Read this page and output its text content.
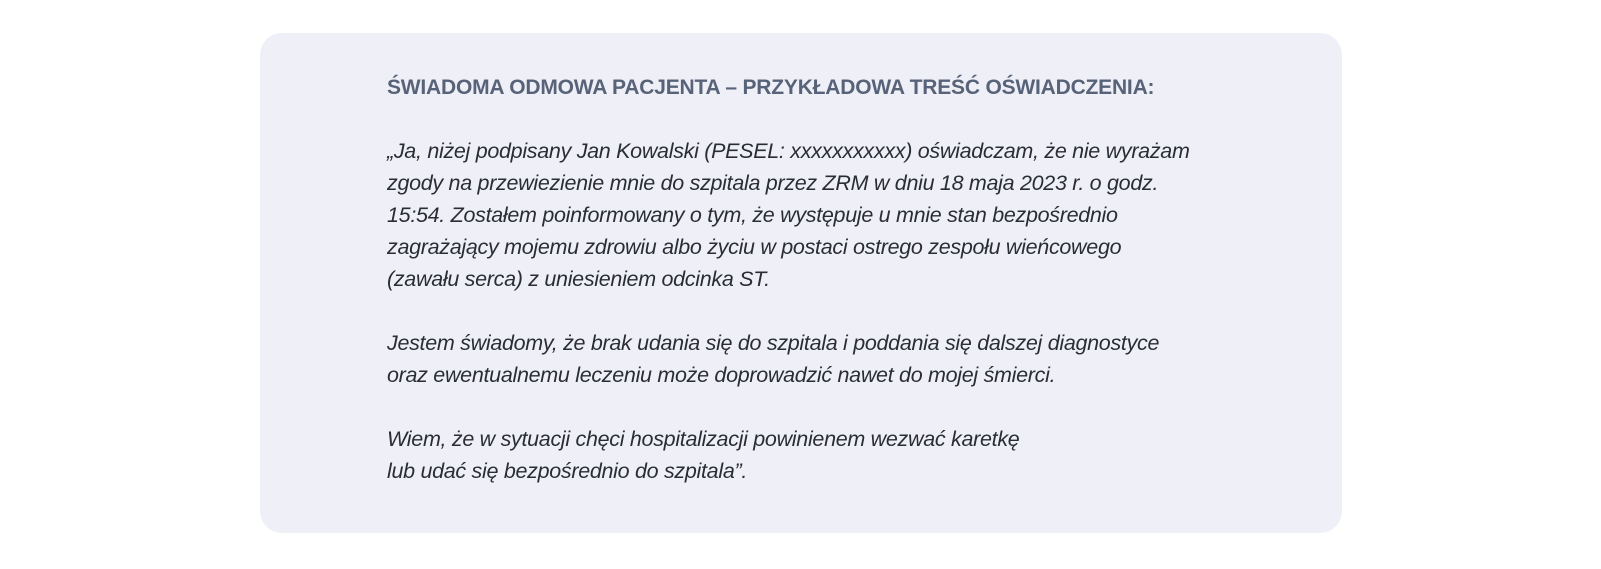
ŚWIADOMA ODMOWA PACJENTA – PRZYKŁADOWA TREŚĆ OŚWIADCZENIA:

„Ja, niżej podpisany Jan Kowalski (PESEL: xxxxxxxxxxx) oświadczam, że nie wyrażam
zgody na przewiezienie mnie do szpitala przez ZRM w dniu 18 maja 2023 r. o godz.
15:54. Zostałem poinformowany o tym, że występuje u mnie stan bezpośrednio
zagrażający mojemu zdrowiu albo życiu w postaci ostrego zespołu wieńcowego
(zawału serca) z uniesieniem odcinka ST.

Jestem świadomy, że brak udania się do szpitala i poddania się dalszej diagnostyce
oraz ewentualnemu leczeniu może doprowadzić nawet do mojej śmierci.

Wiem, że w sytuacji chęci hospitalizacji powinienem wezwać karetkę
lub udać się bezpośrednio do szpitala”.
